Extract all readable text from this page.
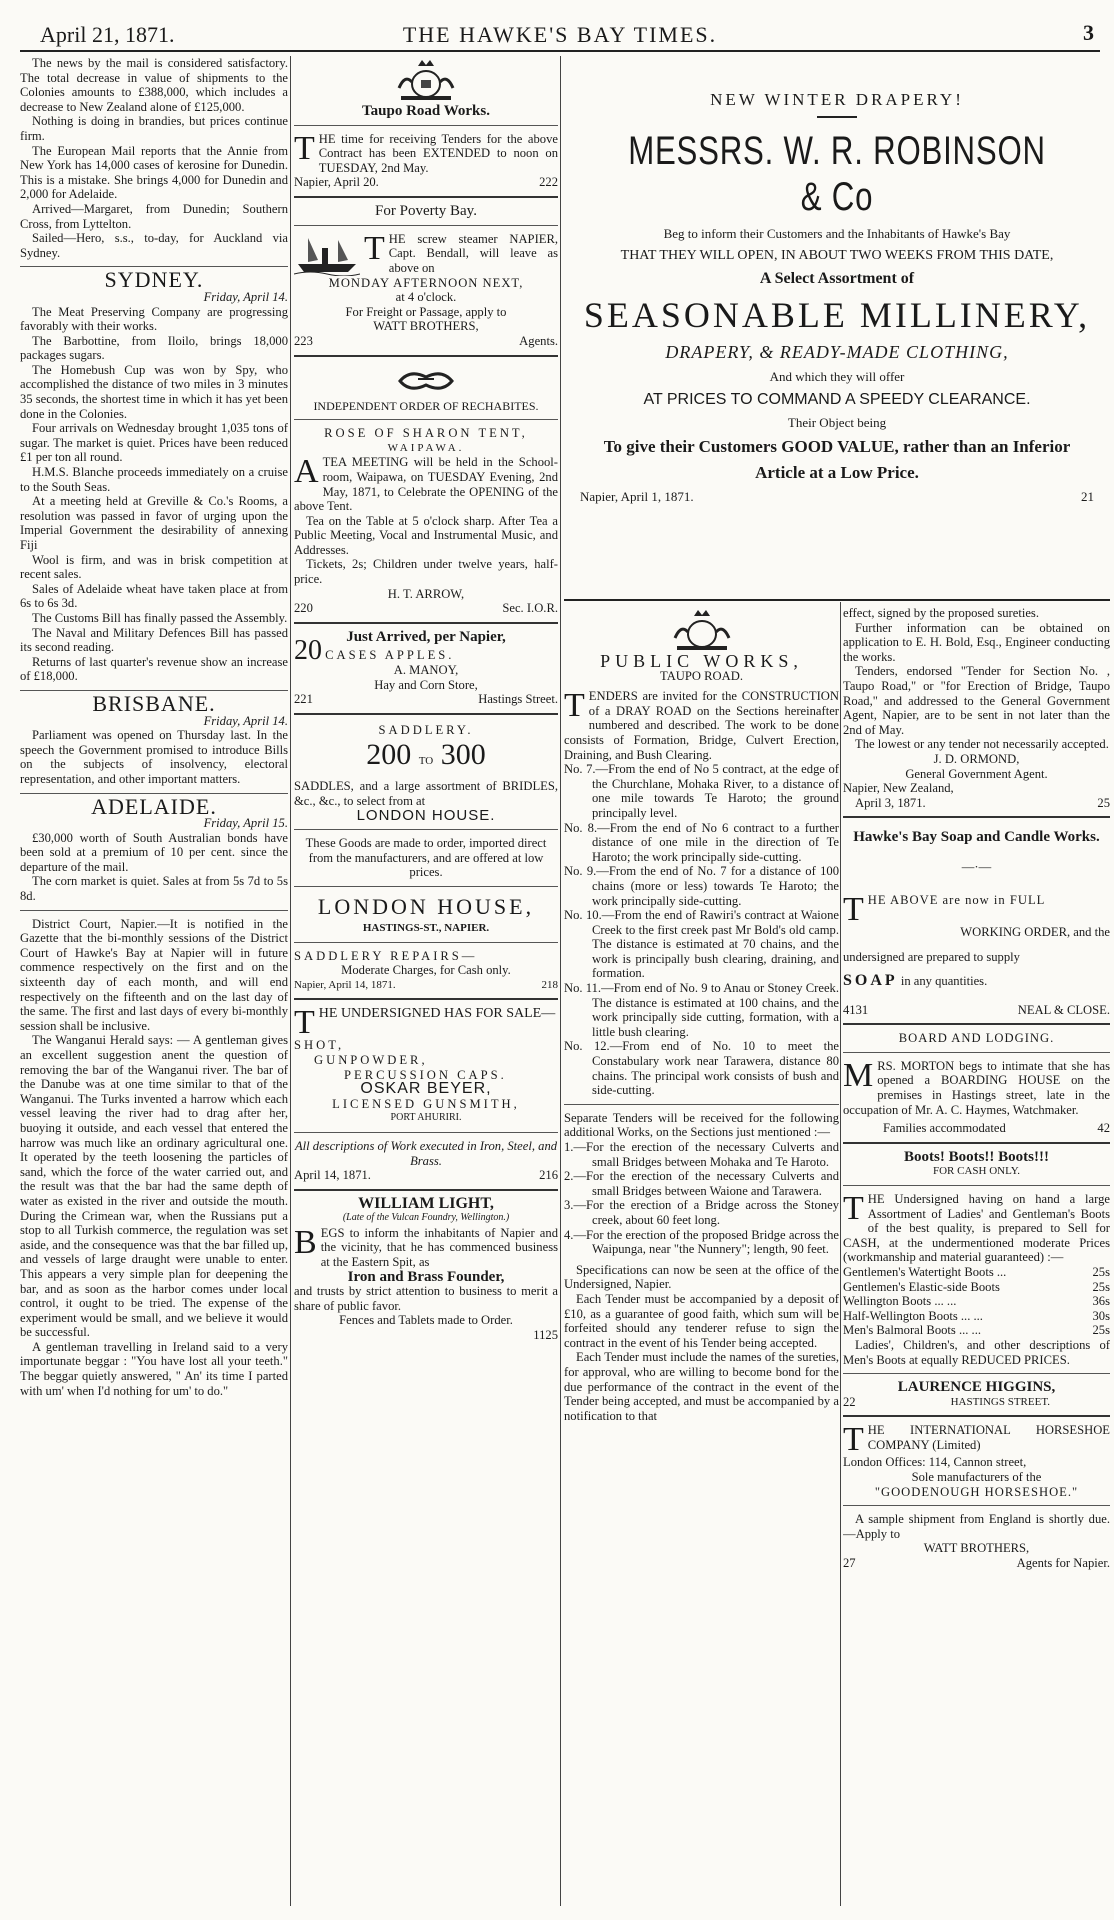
April 21, 1871.	THE HAWKE'S BAY TIMES.	3

The news by the mail is considered satisfactory. The total decrease in value of shipments to the Colonies amounts to £388,000, which includes a decrease to New Zealand alone of £125,000.

Nothing is doing in brandies, but prices continue firm.

The European Mail reports that the Annie from New York has 14,000 cases of kerosine for Dunedin. This is a mistake. She brings 4,000 for Dunedin and 2,000 for Adelaide.

Arrived—Margaret, from Dunedin; Southern Cross, from Lyttelton.

Sailed—Hero, s.s., to-day, for Auckland via Sydney.

SYDNEY.

Friday, April 14.

The Meat Preserving Company are progressing favorably with their works.

The Barbottine, from Iloilo, brings 18,000 packages sugars.

The Homebush Cup was won by Spy, who accomplished the distance of two miles in 3 minutes 35 seconds, the shortest time in which it has yet been done in the Colonies.

Four arrivals on Wednesday brought 1,035 tons of sugar. The market is quiet. Prices have been reduced £1 per ton all round.

H.M.S. Blanche proceeds immediately on a cruise to the South Seas.

At a meeting held at Greville & Co.'s Rooms, a resolution was passed in favor of urging upon the Imperial Government the desirability of annexing Fiji

Wool is firm, and was in brisk competition at recent sales.

Sales of Adelaide wheat have taken place at from 6s to 6s 3d.

The Customs Bill has finally passed the Assembly.

The Naval and Military Defences Bill has passed its second reading.

Returns of last quarter's revenue show an increase of £18,000.

BRISBANE.

Friday, April 14.

Parliament was opened on Thursday last. In the speech the Government promised to introduce Bills on the subjects of insolvency, electoral representation, and other important matters.

ADELAIDE.

Friday, April 15.

£30,000 worth of South Australian bonds have been sold at a premium of 10 per cent. since the departure of the mail.

The corn market is quiet. Sales at from 5s 7d to 5s 8d.

District Court, Napier.—It is notified in the Gazette that the bi-monthly sessions of the District Court of Hawke's Bay at Napier will in future commence respectively on the first and on the sixteenth day of each month, and will end respectively on the fifteenth and on the last day of the same. The first and last days of every bi-monthly session shall be inclusive.

The Wanganui Herald says: — A gentleman gives an excellent suggestion anent the question of removing the bar of the Wanganui river. The bar of the Danube was at one time similar to that of the Wanganui. The Turks invented a harrow which each vessel leaving the river had to drag after her, buoying it outside, and each vessel that entered the harrow was much like an ordinary agricultural one. It operated by the teeth loosening the particles of sand, which the force of the water carried out, and the result was that the bar had the same depth of water as existed in the river and outside the mouth. During the Crimean war, when the Russians put a stop to all Turkish commerce, the regulation was set aside, and the consequence was that the bar filled up, and vessels of large draught were unable to enter. This appears a very simple plan for deepening the bar, and as soon as the harbor comes under local control, it ought to be tried. The expense of the experiment would be small, and we believe it would be successful.

A gentleman travelling in Ireland said to a very importunate beggar : "You have lost all your teeth." The beggar quietly answered, " An' its time I parted with um' when I'd nothing for um' to do."

Taupo Road Works.

THE time for receiving Tenders for the above Contract has been EXTENDED to noon on TUESDAY, 2nd May.

Napier, April 20.	222
For Poverty Bay.

THE screw steamer NAPIER, Capt. Bendall, will leave as above on

MONDAY AFTERNOON NEXT,
at 4 o'clock.
For Freight or Passage, apply to
WATT BROTHERS,
223	Agents.
INDEPENDENT ORDER OF RECHABITES.
ROSE OF SHARON TENT,
WAIPAWA.

ATEA MEETING will be held in the School-room, Waipawa, on TUESDAY Evening, 2nd May, 1871, to Celebrate the OPENING of the above Tent.

Tea on the Table at 5 o'clock sharp. After Tea a Public Meeting, Vocal and Instrumental Music, and Addresses.

Tickets, 2s; Children under twelve years, half-price.

H. T. ARROW,
220	Sec. I.O.R.
Just Arrived, per Napier,
20 CASES APPLES.
A. MANOY,
Hay and Corn Store,
221	Hastings Street.
SADDLERY.
200 TO 300

SADDLES, and a large assortment of BRIDLES, &c., &c., to select from at

LONDON HOUSE.

These Goods are made to order, imported direct from the manufacturers, and are offered at low prices.

LONDON HOUSE,
HASTINGS-ST., NAPIER.
SADDLERY REPAIRS—
Moderate Charges, for Cash only.
Napier, April 14, 1871.	218

THE UNDERSIGNED HAS FOR SALE—

SHOT,
GUNPOWDER,
PERCUSSION CAPS.
OSKAR BEYER,
LICENSED GUNSMITH,
PORT AHURIRI.

All descriptions of Work executed in Iron, Steel, and Brass.

April 14, 1871.	216
WILLIAM LIGHT,
(Late of the Vulcan Foundry, Wellington.)

BEGS to inform the inhabitants of Napier and the vicinity, that he has commenced business at the Eastern Spit, as

Iron and Brass Founder,

and trusts by strict attention to business to merit a share of public favor.

Fences and Tablets made to Order.
1125
NEW WINTER DRAPERY!
MESSRS. W. R. ROBINSON & Co
Beg to inform their Customers and the Inhabitants of Hawke's Bay
THAT THEY WILL OPEN, IN ABOUT TWO WEEKS FROM THIS DATE,
A Select Assortment of
SEASONABLE MILLINERY,
DRAPERY, & READY-MADE CLOTHING,
And which they will offer
AT PRICES TO COMMAND A SPEEDY CLEARANCE.
Their Object being
To give their Customers GOOD VALUE, rather than an Inferior
Article at a Low Price.
Napier, April 1, 1871.	21
PUBLIC WORKS,
TAUPO ROAD.

TENDERS are invited for the CONSTRUCTION of a DRAY ROAD on the Sections hereinafter numbered and described. The work to be done consists of Formation, Bridge, Culvert Erection, Draining, and Bush Clearing.

No. 7.—From the end of No 5 contract, at the edge of the Churchlane, Mohaka River, to a distance of one mile towards Te Haroto; the ground principally level.

No. 8.—From the end of No 6 contract to a further distance of one mile in the direction of Te Haroto; the work principally side-cutting.

No. 9.—From the end of No. 7 for a distance of 100 chains (more or less) towards Te Haroto; the work principally side-cutting.

No. 10.—From the end of Rawiri's contract at Waione Creek to the first creek past Mr Bold's old camp. The distance is estimated at 70 chains, and the work is principally bush clearing, draining, and formation.

No. 11.—From end of No. 9 to Anau or Stoney Creek. The distance is estimated at 100 chains, and the work principally side cutting, formation, with a little bush clearing.

No. 12.—From end of No. 10 to meet the Constabulary work near Tarawera, distance 80 chains. The principal work consists of bush and side-cutting.

Separate Tenders will be received for the following additional Works, on the Sections just mentioned :—

1.—For the erection of the necessary Culverts and small Bridges between Mohaka and Te Haroto.

2.—For the erection of the necessary Culverts and small Bridges between Waione and Tarawera.

3.—For the erection of a Bridge across the Stoney creek, about 60 feet long.

4.—For the erection of the proposed Bridge across the Waipunga, near "the Nunnery"; length, 90 feet.

Specifications can now be seen at the office of the Undersigned, Napier.

Each Tender must be accompanied by a deposit of £10, as a guarantee of good faith, which sum will be forfeited should any tenderer refuse to sign the contract in the event of his Tender being accepted.

Each Tender must include the names of the sureties, for approval, who are willing to become bond for the due performance of the contract in the event of the Tender being accepted, and must be accompanied by a notification to that

effect, signed by the proposed sureties.

Further information can be obtained on application to E. H. Bold, Esq., Engineer conducting the works.

Tenders, endorsed "Tender for Section No. , Taupo Road," or "for Erection of Bridge, Taupo Road," and addressed to the General Government Agent, Napier, are to be sent in not later than the 2nd of May.

The lowest or any tender not necessarily accepted.

J. D. ORMOND,
General Government Agent.
Napier, New Zealand,
April 3, 1871.	25
Hawke's Bay Soap and Candle Works.
—·—

THE ABOVE are now in FULL

WORKING ORDER, and the
undersigned are prepared to supply
SOAP in any quantities.
4131	NEAL & CLOSE.
BOARD AND LODGING.

MRS. MORTON begs to intimate that she has opened a BOARDING HOUSE on the premises in Hastings street, late in the occupation of Mr. A. C. Haymes, Watchmaker.

Families accommodated	42
Boots! Boots!! Boots!!!
FOR CASH ONLY.

THE Undersigned having on hand a large Assortment of Ladies' and Gentleman's Boots of the best quality, is prepared to Sell for CASH, at the undermentioned moderate Prices (workmanship and material guaranteed) :—

Gentlemen's Watertight Boots ...	25s
Gentlemen's Elastic-side Boots	25s
Wellington Boots ... ...	36s
Half-Wellington Boots ... ...	30s
Men's Balmoral Boots ... ...	25s

Ladies', Children's, and other descriptions of Men's Boots at equally REDUCED PRICES.

LAURENCE HIGGINS,
22	HASTINGS STREET.

THE INTERNATIONAL HORSESHOE COMPANY (Limited)

London Offices: 114, Cannon street,
Sole manufacturers of the
"GOODENOUGH HORSESHOE."

A sample shipment from England is shortly due.—Apply to

WATT BROTHERS,
27	Agents for Napier.
